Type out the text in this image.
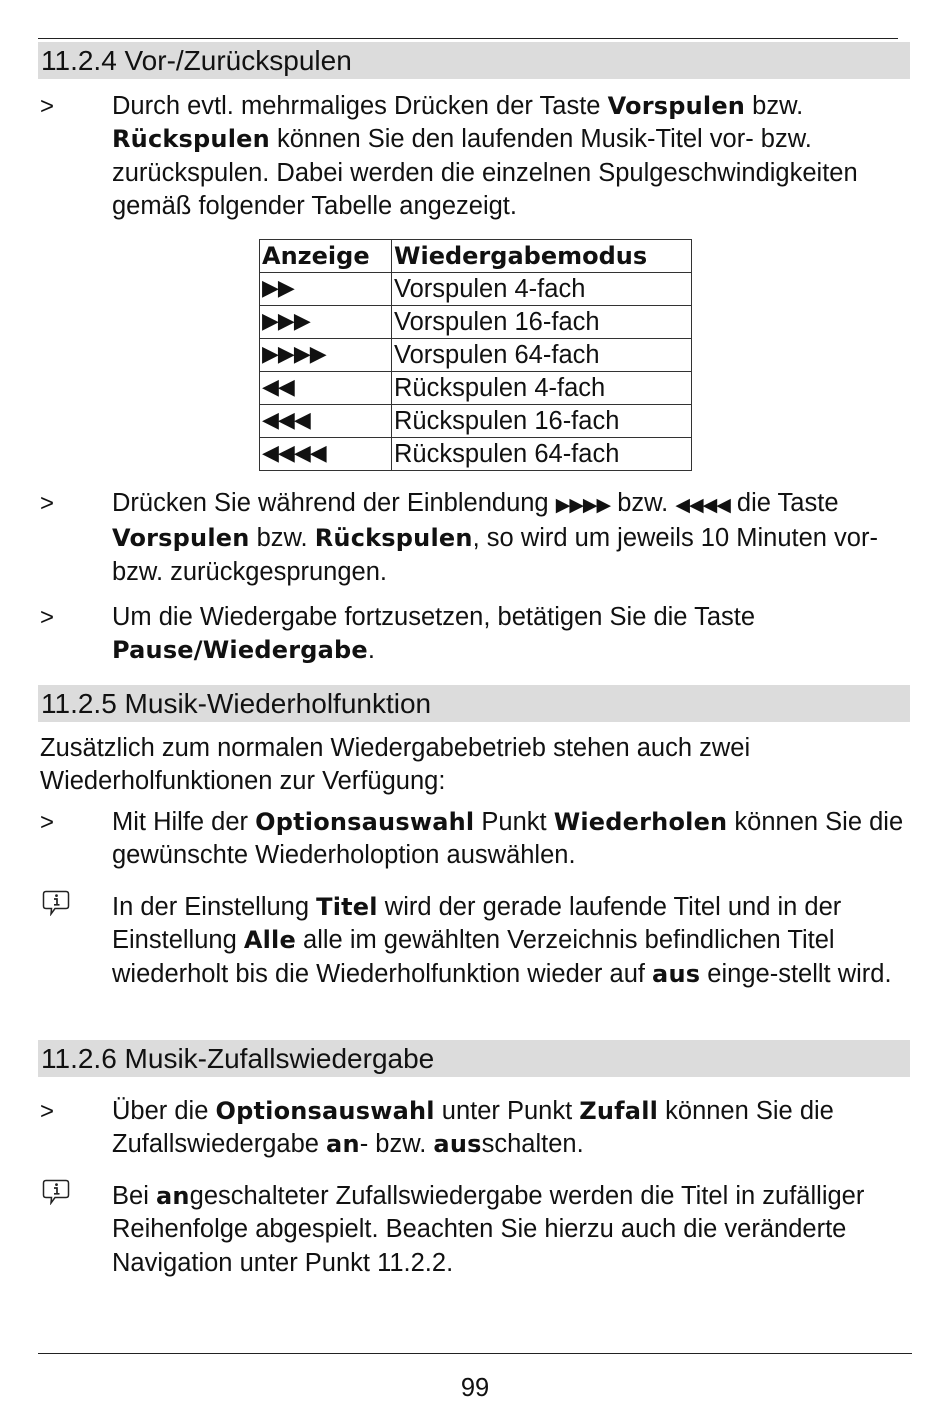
11.2.4 Vor-/Zurückspulen
> Durch evtl. mehrmaliges Drücken der Taste Vorspulen bzw. Rückspulen können Sie den laufenden Musik-Titel vor- bzw. zurückspulen. Dabei werden die einzelnen Spulgeschwindigkeiten gemäß folgender Tabelle angezeigt.
Anzeige	Wiedergabemodus
▶▶	Vorspulen 4-fach
▶▶▶	Vorspulen 16-fach
▶▶▶▶	Vorspulen 64-fach
◀◀	Rückspulen 4-fach
◀◀◀	Rückspulen 16-fach
◀◀◀◀	Rückspulen 64-fach
> Drücken Sie während der Einblendung ▶▶▶▶ bzw. ◀◀◀◀ die Taste Vorspulen bzw. Rückspulen, so wird um jeweils 10 Minuten vor- bzw. zurückgesprungen.
> Um die Wiedergabe fortzusetzen, betätigen Sie die Taste Pause/Wiedergabe.
11.2.5 Musik-Wiederholfunktion
Zusätzlich zum normalen Wiedergabebetrieb stehen auch zwei Wiederholfunktionen zur Verfügung:
> Mit Hilfe der Optionsauswahl Punkt Wiederholen können Sie die gewünschte Wiederholoption auswählen.
In der Einstellung Titel wird der gerade laufende Titel und in der Einstellung Alle alle im gewählten Verzeichnis befindlichen Titel wiederholt bis die Wiederholfunktion wieder auf aus einge-stellt wird.
11.2.6 Musik-Zufallswiedergabe
> Über die Optionsauswahl unter Punkt Zufall können Sie die Zufallswiedergabe an- bzw. ausschalten.
Bei angeschalteter Zufallswiedergabe werden die Titel in zufälliger Reihenfolge abgespielt. Beachten Sie hierzu auch die veränderte Navigation unter Punkt 11.2.2.
99
